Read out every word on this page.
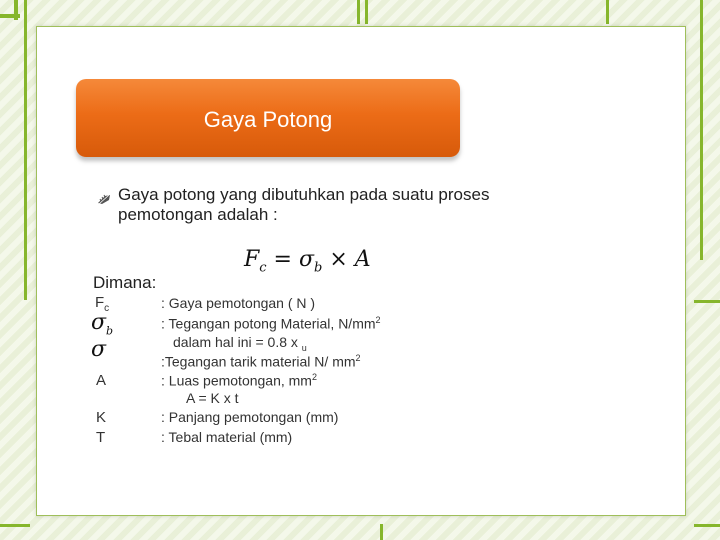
Gaya Potong
Gaya potong yang dibutuhkan pada suatu proses pemotongan adalah :
$F_c = \sigma_b \times A$
Dimana:
$F_c$	: Gaya pemotongan ( N )
$\sigma_b$	: Tegangan potong Material, $N/mm^2$
dalam hal ini = 0.8 x $_u$
σ	:Tegangan tarik material N/ $mm^2$
A	: Luas pemotongan, $mm^2$
A = K x t
K	: Panjang pemotongan (mm)
T	: Tebal material (mm)
